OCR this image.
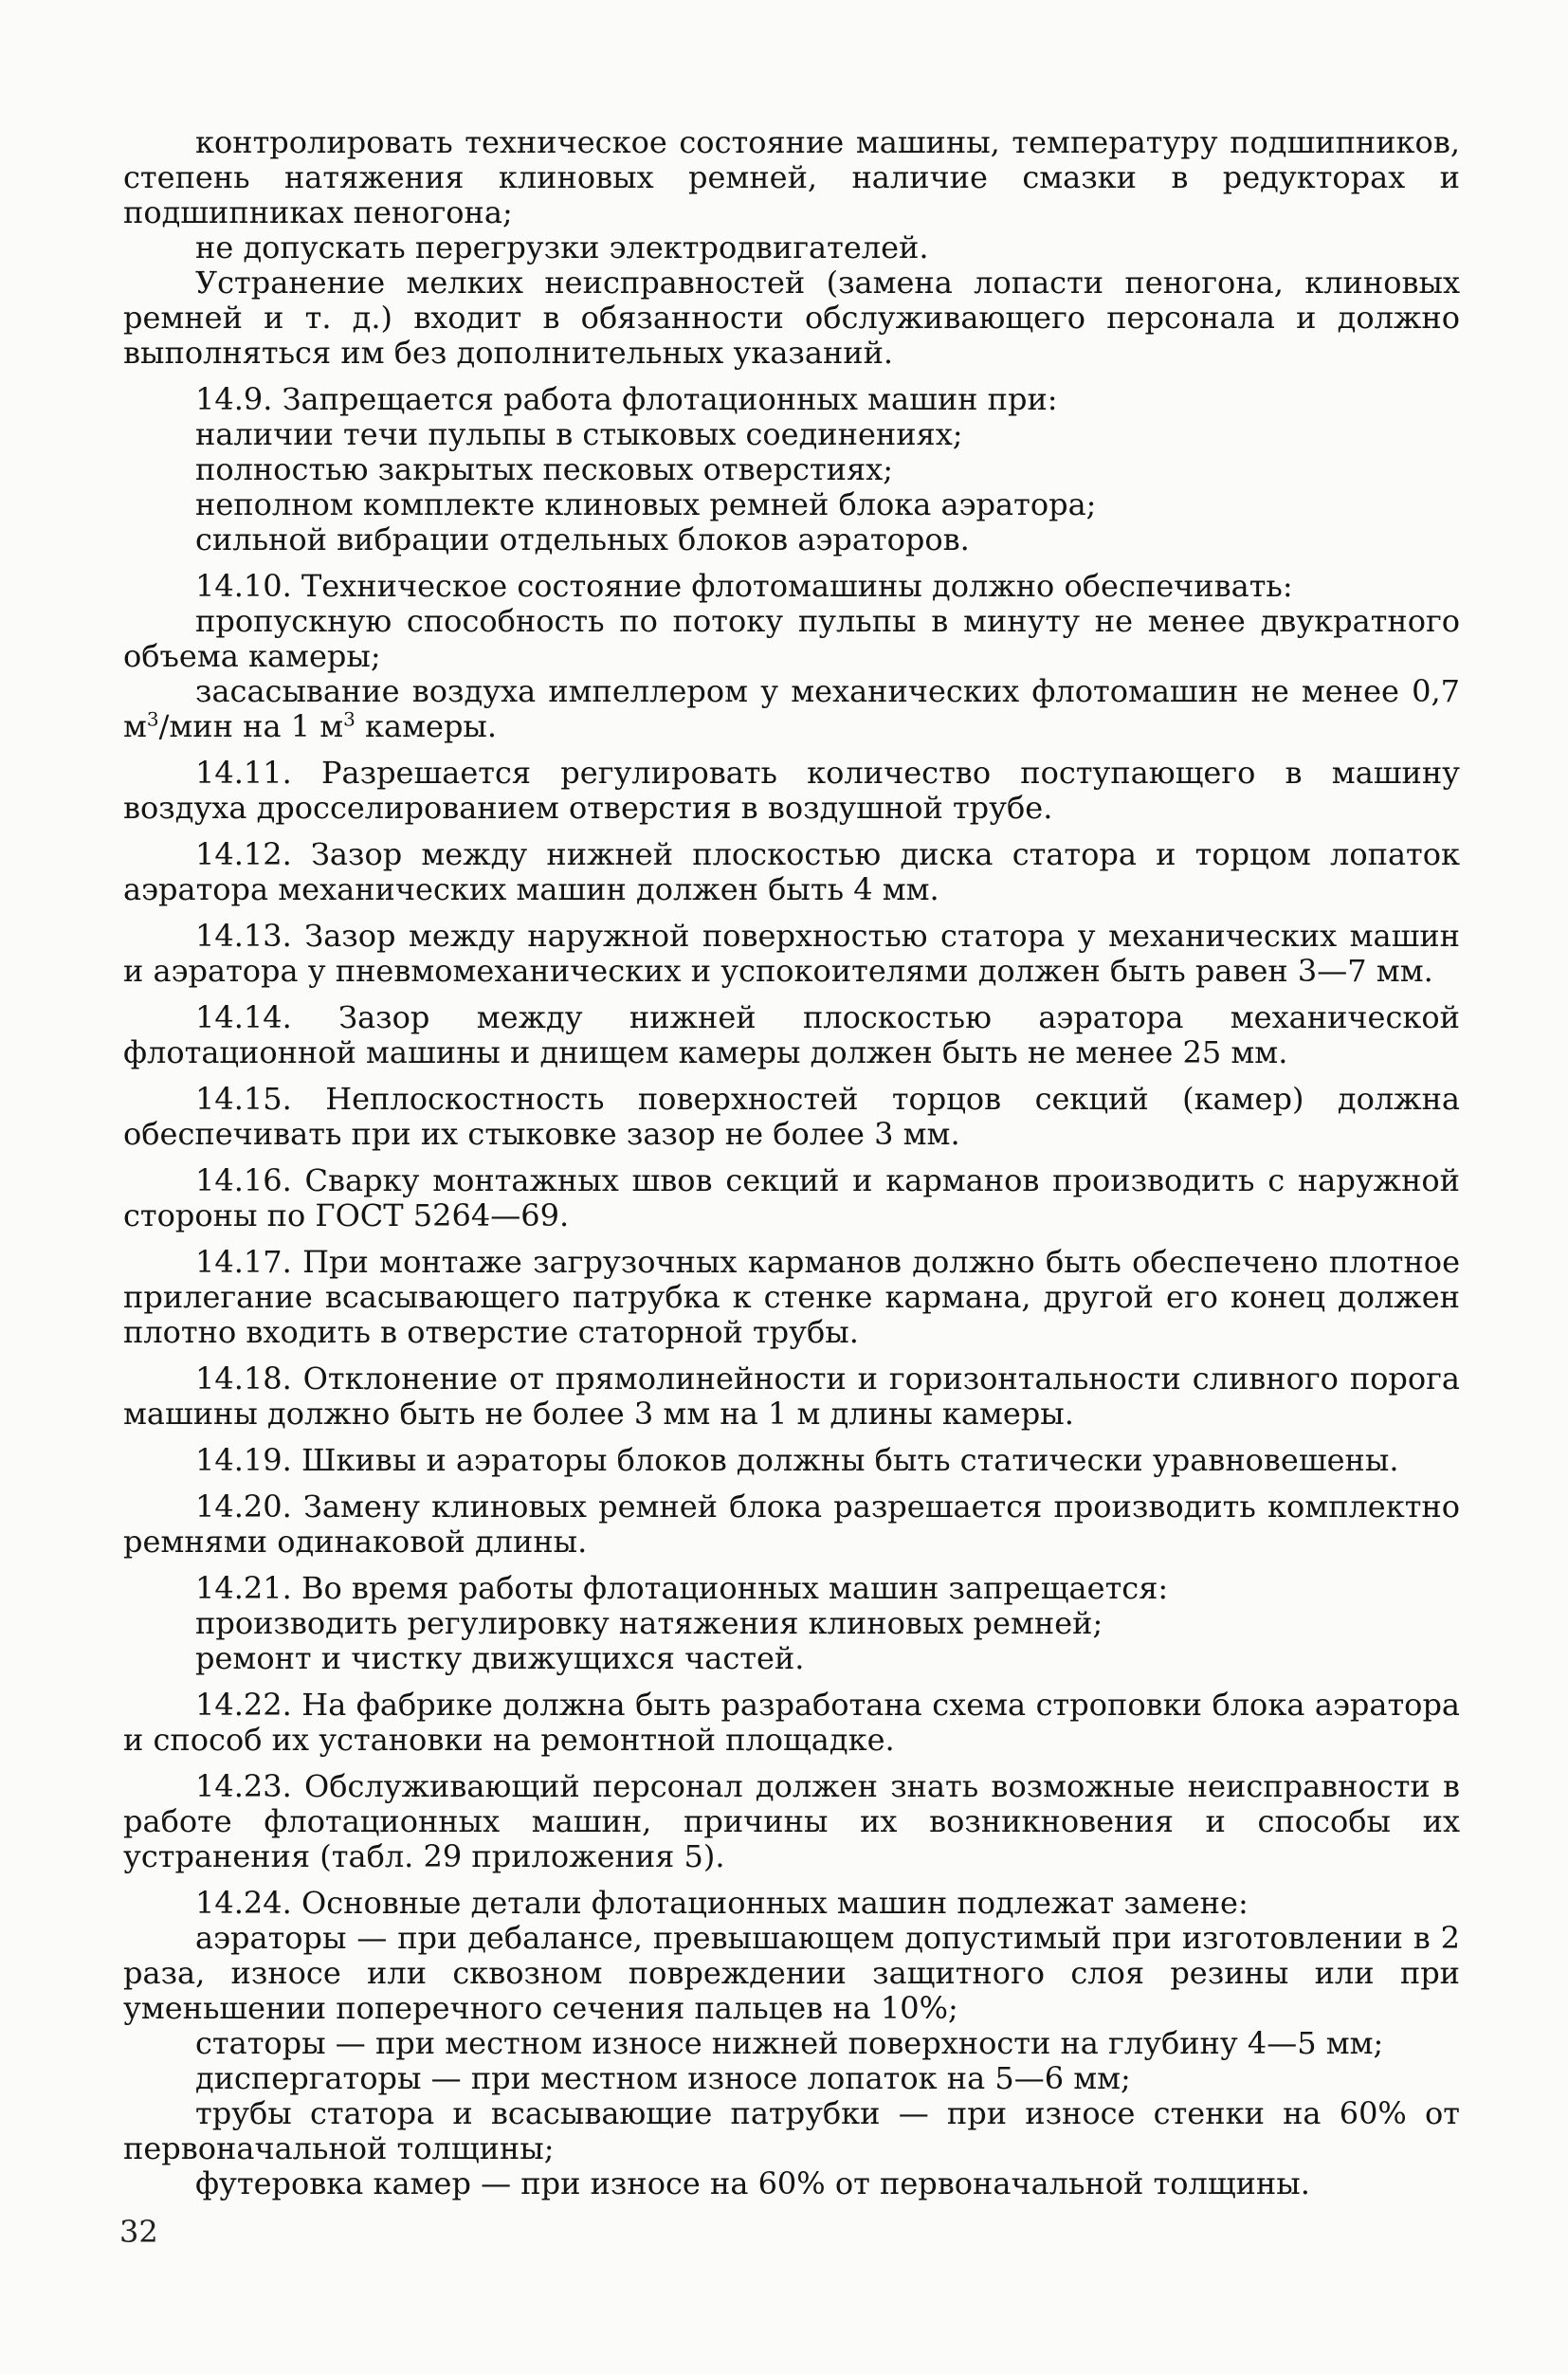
контролировать техническое состояние машины, температуру подшипников, степень натяжения клиновых ремней, наличие смазки в редукторах и подшипниках пеногона;

не допускать перегрузки электродвигателей.

Устранение мелких неисправностей (замена лопасти пеногона, клиновых ремней и т. д.) входит в обязанности обслуживающего персонала и должно выполняться им без дополнительных указаний.

14.9. Запрещается работа флотационных машин при:

наличии течи пульпы в стыковых соединениях;

полностью закрытых песковых отверстиях;

неполном комплекте клиновых ремней блока аэратора;

сильной вибрации отдельных блоков аэраторов.

14.10. Техническое состояние флотомашины должно обеспечивать:

пропускную способность по потоку пульпы в минуту не менее двукратного объема камеры;

засасывание воздуха импеллером у механических флотомашин не менее 0,7 $м^3$/мин на 1 $м^3$ камеры.

14.11. Разрешается регулировать количество поступающего в машину воздуха дросселированием отверстия в воздушной трубе.

14.12. Зазор между нижней плоскостью диска статора и торцом лопаток аэратора механических машин должен быть 4 мм.

14.13. Зазор между наружной поверхностью статора у механических машин и аэратора у пневмомеханических и успокоителями должен быть равен 3—7 мм.

14.14. Зазор между нижней плоскостью аэратора механической флотационной машины и днищем камеры должен быть не менее 25 мм.

14.15. Неплоскостность поверхностей торцов секций (камер) должна обеспечивать при их стыковке зазор не более 3 мм.

14.16. Сварку монтажных швов секций и карманов производить с наружной стороны по ГОСТ 5264—69.

14.17. При монтаже загрузочных карманов должно быть обеспечено плотное прилегание всасывающего патрубка к стенке кармана, другой его конец должен плотно входить в отверстие статорной трубы.

14.18. Отклонение от прямолинейности и горизонтальности сливного порога машины должно быть не более 3 мм на 1 м длины камеры.

14.19. Шкивы и аэраторы блоков должны быть статически уравновешены.

14.20. Замену клиновых ремней блока разрешается производить комплектно ремнями одинаковой длины.

14.21. Во время работы флотационных машин запрещается:

производить регулировку натяжения клиновых ремней;

ремонт и чистку движущихся частей.

14.22. На фабрике должна быть разработана схема строповки блока аэратора и способ их установки на ремонтной площадке.

14.23. Обслуживающий персонал должен знать возможные неисправности в работе флотационных машин, причины их возникновения и способы их устранения (табл. 29 приложения 5).

14.24. Основные детали флотационных машин подлежат замене:

аэраторы — при дебалансе, превышающем допустимый при изготовлении в 2 раза, износе или сквозном повреждении защитного слоя резины или при уменьшении поперечного сечения пальцев на 10%;

статоры — при местном износе нижней поверхности на глубину 4—5 мм;

диспергаторы — при местном износе лопаток на 5—6 мм;

трубы статора и всасывающие патрубки — при износе стенки на 60% от первоначальной толщины;

футеровка камер — при износе на 60% от первоначальной толщины.

32
